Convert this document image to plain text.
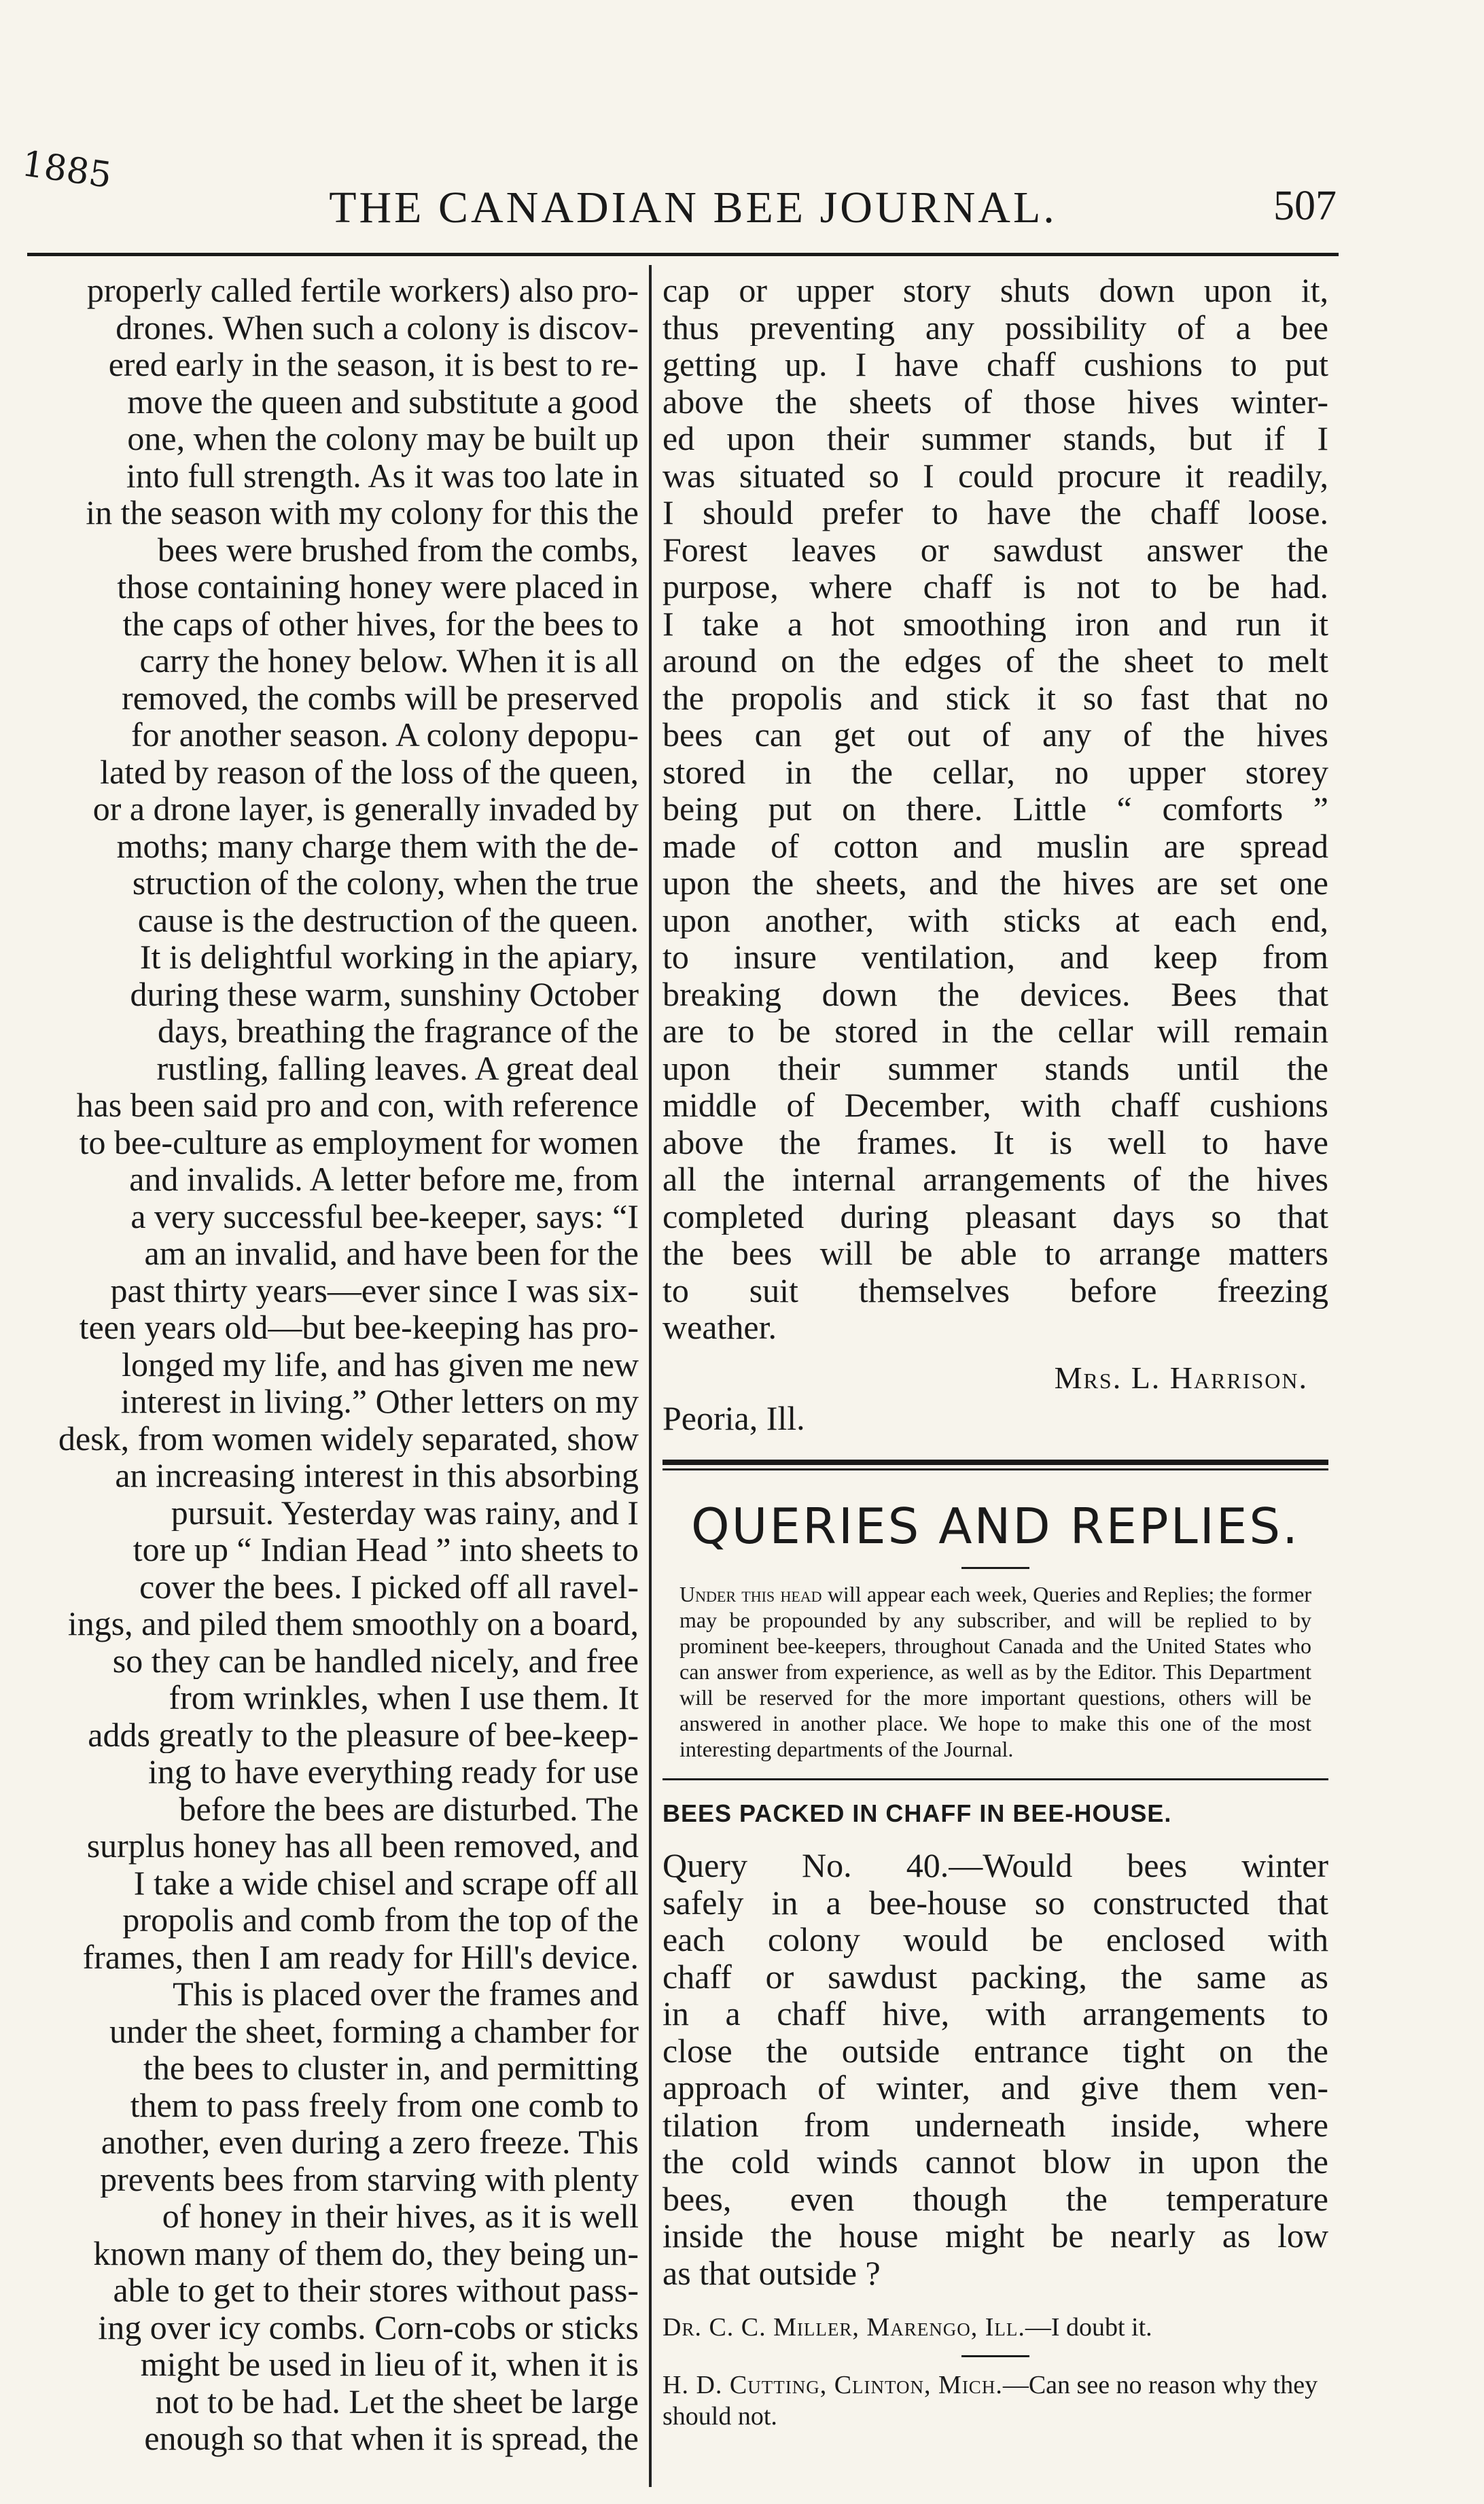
1885
THE CANADIAN BEE JOURNAL.	507
properly called fertile workers) also pro-
drones. When such a colony is discov-
ered early in the season, it is best to re-
move the queen and substitute a good
one, when the colony may be built up
into full strength. As it was too late in
in the season with my colony for this the
bees were brushed from the combs,
those containing honey were placed in
the caps of other hives, for the bees to
carry the honey below. When it is all
removed, the combs will be preserved
for another season. A colony depopu-
lated by reason of the loss of the queen,
or a drone layer, is generally invaded by
moths; many charge them with the de-
struction of the colony, when the true
cause is the destruction of the queen.
It is delightful working in the apiary,
during these warm, sunshiny October
days, breathing the fragrance of the
rustling, falling leaves. A great deal
has been said pro and con, with reference
to bee-culture as employment for women
and invalids. A letter before me, from
a very successful bee-keeper, says: “I
am an invalid, and have been for the
past thirty years—ever since I was six-
teen years old—but bee-keeping has pro-
longed my life, and has given me new
interest in living.” Other letters on my
desk, from women widely separated, show
an increasing interest in this absorbing
pursuit. Yesterday was rainy, and I
tore up “ Indian Head ” into sheets to
cover the bees. I picked off all ravel-
ings, and piled them smoothly on a board,
so they can be handled nicely, and free
from wrinkles, when I use them. It
adds greatly to the pleasure of bee-keep-
ing to have everything ready for use
before the bees are disturbed. The
surplus honey has all been removed, and
I take a wide chisel and scrape off all
propolis and comb from the top of the
frames, then I am ready for Hill's device.
This is placed over the frames and
under the sheet, forming a chamber for
the bees to cluster in, and permitting
them to pass freely from one comb to
another, even during a zero freeze. This
prevents bees from starving with plenty
of honey in their hives, as it is well
known many of them do, they being un-
able to get to their stores without pass-
ing over icy combs. Corn-cobs or sticks
might be used in lieu of it, when it is
not to be had. Let the sheet be large
enough so that when it is spread, the
cap or upper story shuts down upon it,
thus preventing any possibility of a bee
getting up. I have chaff cushions to put
above the sheets of those hives winter-
ed upon their summer stands, but if I
was situated so I could procure it readily,
I should prefer to have the chaff loose.
Forest leaves or sawdust answer the
purpose, where chaff is not to be had.
I take a hot smoothing iron and run it
around on the edges of the sheet to melt
the propolis and stick it so fast that no
bees can get out of any of the hives
stored in the cellar, no upper storey
being put on there. Little “ comforts ”
made of cotton and muslin are spread
upon the sheets, and the hives are set one
upon another, with sticks at each end,
to insure ventilation, and keep from
breaking down the devices. Bees that
are to be stored in the cellar will remain
upon their summer stands until the
middle of December, with chaff cushions
above the frames. It is well to have
all the internal arrangements of the hives
completed during pleasant days so that
the bees will be able to arrange matters
to suit themselves before freezing
weather.
Mrs. L. Harrison.
Peoria, Ill.
QUERIES AND REPLIES.
Under this head will appear each week, Queries and Replies; the former may be propounded by any subscriber, and will be replied to by prominent bee-keepers, throughout Canada and the United States who can answer from experience, as well as by the Editor. This Department will be reserved for the more important questions, others will be answered in another place. We hope to make this one of the most interesting departments of the Journal.
BEES PACKED IN CHAFF IN BEE-HOUSE.
Query No. 40.—Would bees winter
safely in a bee-house so constructed that
each colony would be enclosed with
chaff or sawdust packing, the same as
in a chaff hive, with arrangements to
close the outside entrance tight on the
approach of winter, and give them ven-
tilation from underneath inside, where
the cold winds cannot blow in upon the
bees, even though the temperature
inside the house might be nearly as low
as that outside ?
Dr. C. C. Miller, Marengo, Ill.—I doubt it.
H. D. Cutting, Clinton, Mich.—Can see no reason why they should not.
